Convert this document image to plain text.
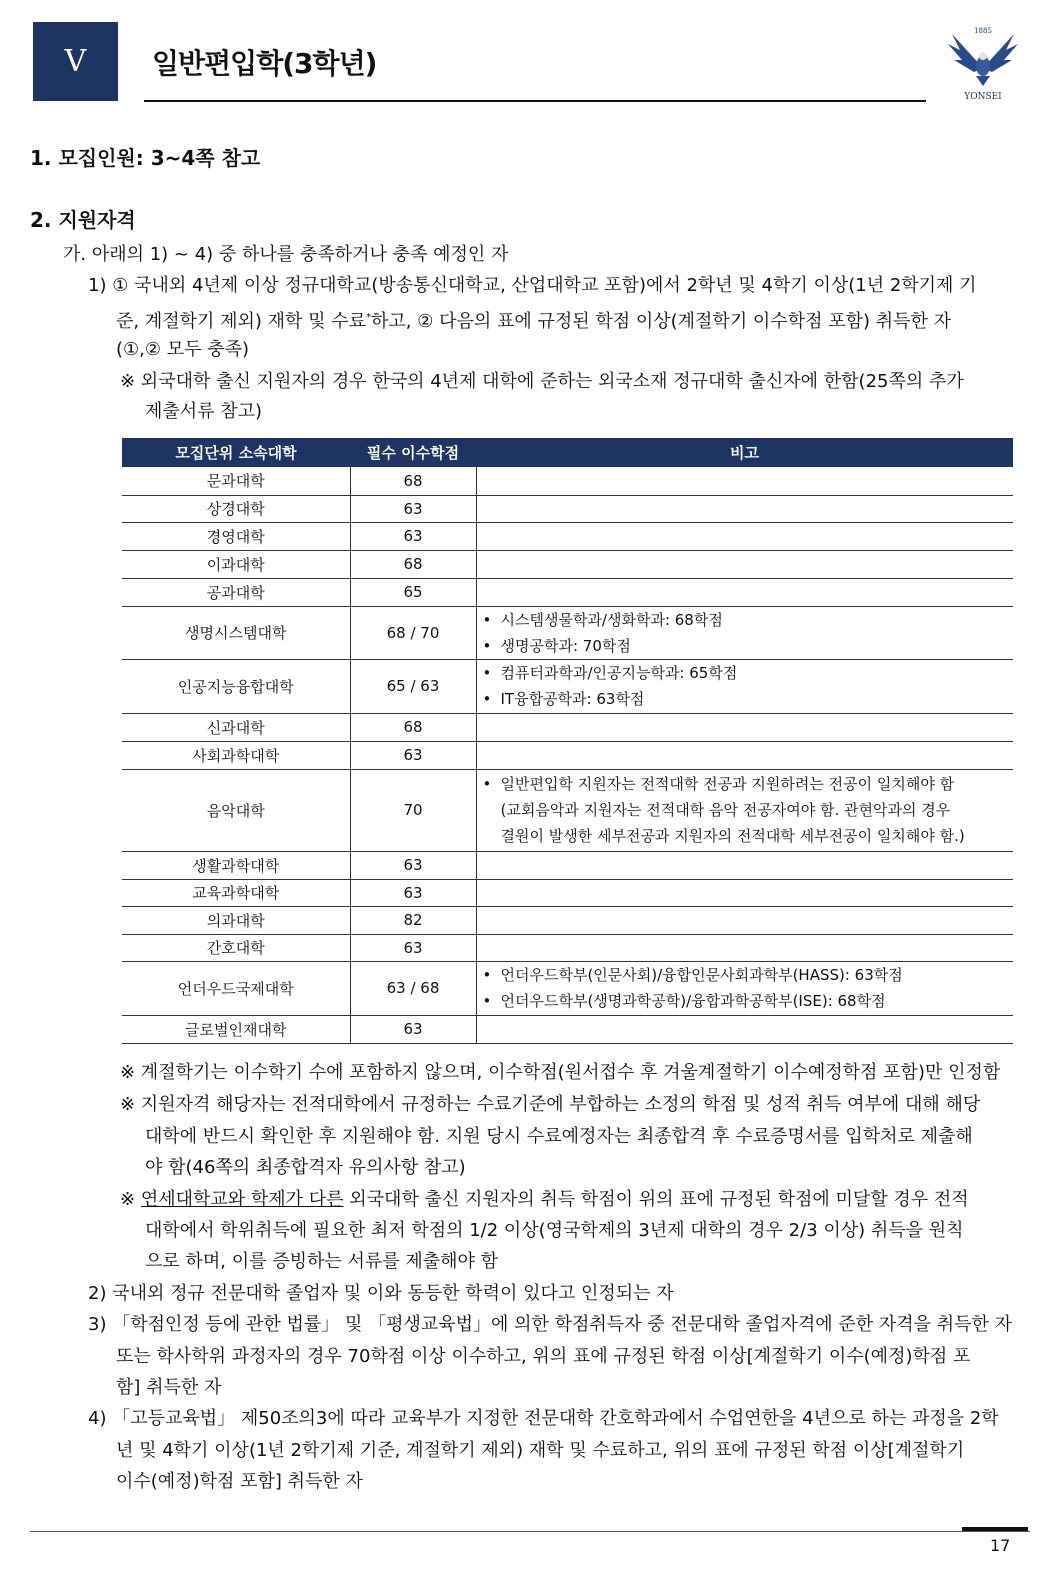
V	일반편입학(3학년)
1885
YONSEI
1. 모집인원: 3~4쪽 참고
2. 지원자격
가. 아래의 1) ~ 4) 중 하나를 충족하거나 충족 예정인 자
1) ① 국내외 4년제 이상 정규대학교(방송통신대학교, 산업대학교 포함)에서 2학년 및 4학기 이상(1년 2학기제 기
준, 계절학기 제외) 재학 및 수료*하고, ② 다음의 표에 규정된 학점 이상(계절학기 이수학점 포함) 취득한 자
(①,② 모두 충족)
※ 외국대학 출신 지원자의 경우 한국의 4년제 대학에 준하는 외국소재 정규대학 출신자에 한함(25쪽의 추가
제출서류 참고)
모집단위 소속대학	필수 이수학점	비고
문과대학	68	
상경대학	63	
경영대학	63	
이과대학	68	
공과대학	65	
생명시스템대학	68 / 70	• 시스템생물학과/생화학과: 68학점
• 생명공학과: 70학점

인공지능융합대학	65 / 63	• 컴퓨터과학과/인공지능학과: 65학점
• IT융합공학과: 63학점

신과대학	68	
사회과학대학	63	
음악대학	70	• 일반편입학 지원자는 전적대학 전공과 지원하려는 전공이 일치해야 함
(교회음악과 지원자는 전적대학 음악 전공자여야 함. 관현악과의 경우
결원이 발생한 세부전공과 지원자의 전적대학 세부전공이 일치해야 함.)

생활과학대학	63	
교육과학대학	63	
의과대학	82	
간호대학	63	
언더우드국제대학	63 / 68	• 언더우드학부(인문사회)/융합인문사회과학부(HASS): 63학점
• 언더우드학부(생명과학공학)/융합과학공학부(ISE): 68학점

글로벌인재대학	63	
※ 계절학기는 이수학기 수에 포함하지 않으며, 이수학점(원서접수 후 겨울계절학기 이수예정학점 포함)만 인정함
※ 지원자격 해당자는 전적대학에서 규정하는 수료기준에 부합하는 소정의 학점 및 성적 취득 여부에 대해 해당
대학에 반드시 확인한 후 지원해야 함. 지원 당시 수료예정자는 최종합격 후 수료증명서를 입학처로 제출해
야 함(46쪽의 최종합격자 유의사항 참고)
※ 연세대학교와 학제가 다른 외국대학 출신 지원자의 취득 학점이 위의 표에 규정된 학점에 미달할 경우 전적
대학에서 학위취득에 필요한 최저 학점의 1/2 이상(영국학제의 3년제 대학의 경우 2/3 이상) 취득을 원칙
으로 하며, 이를 증빙하는 서류를 제출해야 함
2) 국내외 정규 전문대학 졸업자 및 이와 동등한 학력이 있다고 인정되는 자
3) 「학점인정 등에 관한 법률」 및 「평생교육법」에 의한 학점취득자 중 전문대학 졸업자격에 준한 자격을 취득한 자
또는 학사학위 과정자의 경우 70학점 이상 이수하고, 위의 표에 규정된 학점 이상[계절학기 이수(예정)학점 포
함] 취득한 자
4) 「고등교육법」 제50조의3에 따라 교육부가 지정한 전문대학 간호학과에서 수업연한을 4년으로 하는 과정을 2학
년 및 4학기 이상(1년 2학기제 기준, 계절학기 제외) 재학 및 수료하고, 위의 표에 규정된 학점 이상[계절학기
이수(예정)학점 포함] 취득한 자
17
